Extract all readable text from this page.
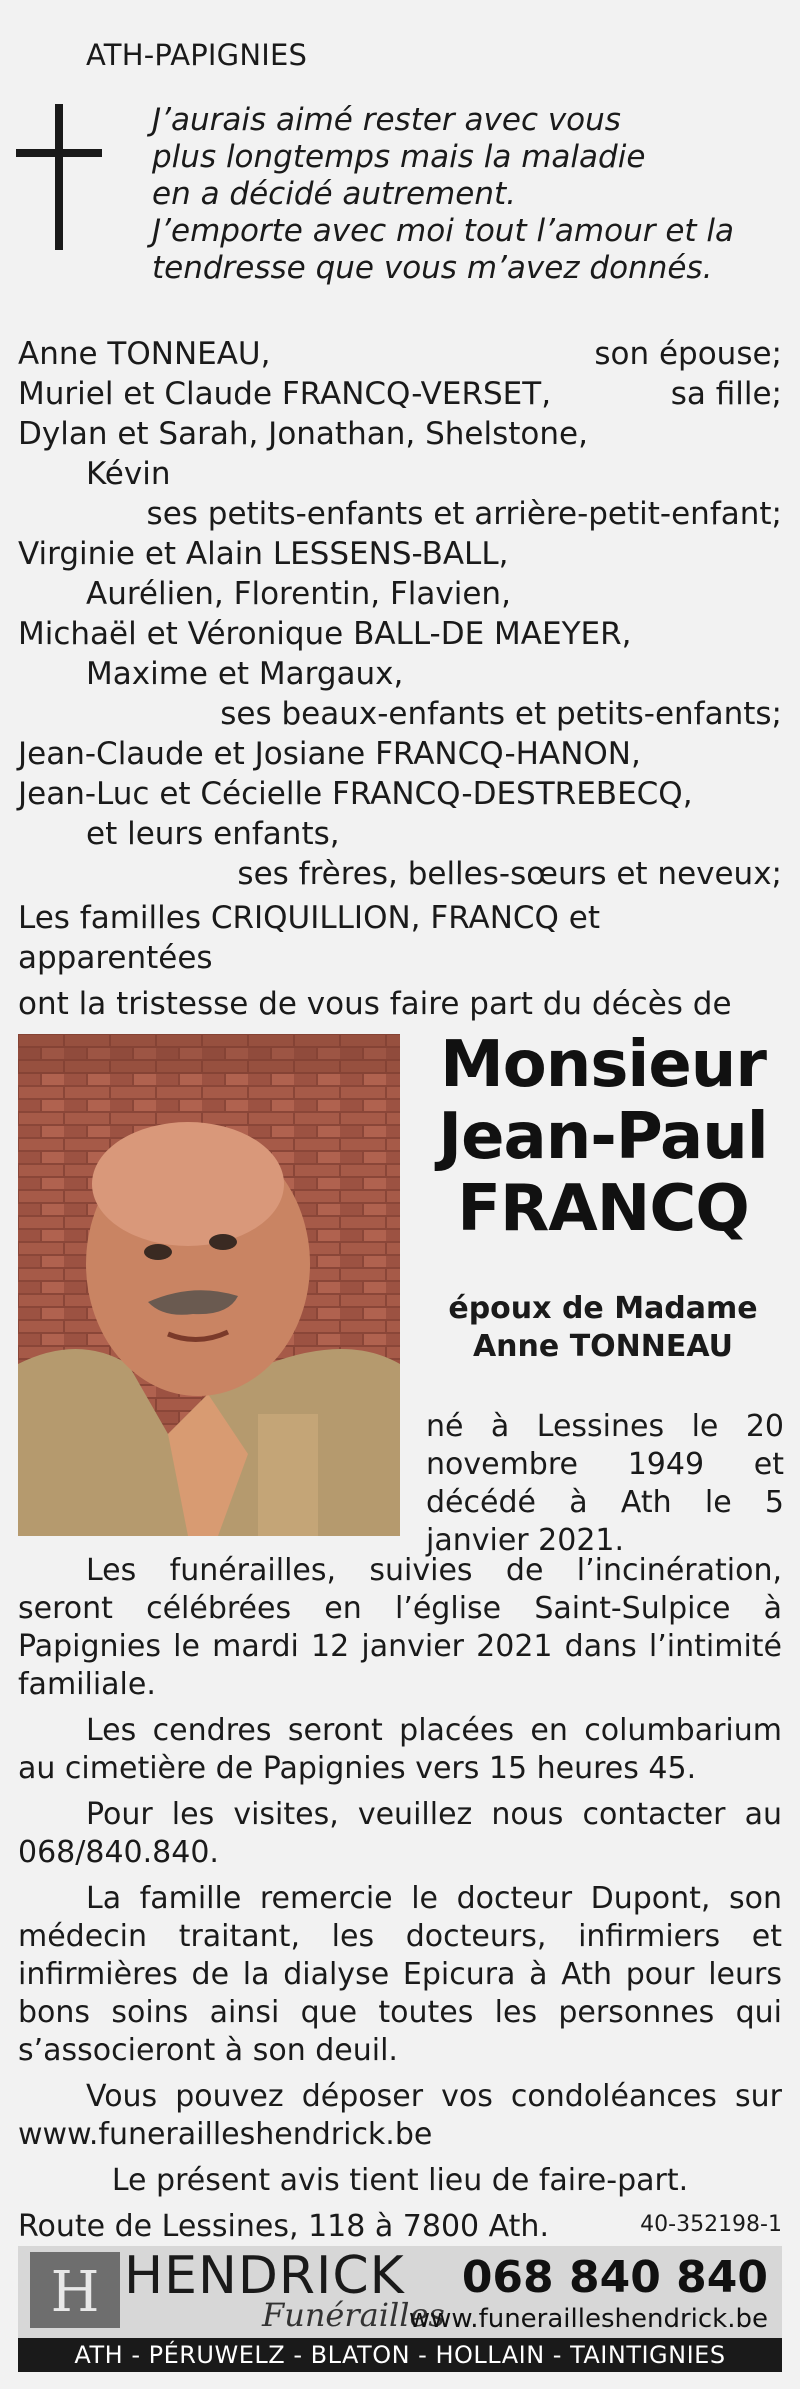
ATH-PAPIGNIES
J’aurais aimé rester avec vous
plus longtemps mais la maladie
en a décidé autrement.
J’emporte avec moi tout l’amour et la
tendresse que vous m’avez donnés.
Anne TONNEAU,	son épouse;
Muriel et Claude FRANCQ-VERSET,	sa fille;
Dylan et Sarah, Jonathan, Shelstone,
Kévin
ses petits-enfants et arrière-petit-enfant;
Virginie et Alain LESSENS-BALL,
Aurélien, Florentin, Flavien,
Michaël et Véronique BALL-DE MAEYER,
Maxime et Margaux,
ses beaux-enfants et petits-enfants;
Jean-Claude et Josiane FRANCQ-HANON,
Jean-Luc et Cécielle FRANCQ-DESTREBECQ,
et leurs enfants,
ses frères, belles-sœurs et neveux;
Les familles CRIQUILLION, FRANCQ et apparentées
ont la tristesse de vous faire part du décès de
Monsieur
Jean-Paul
FRANCQ
époux de Madame
Anne TONNEAU
né à Lessines le 20 novembre 1949 et décédé à Ath le 5 janvier 2021.

Les funérailles, suivies de l’incinération, seront célébrées en l’église Saint-Sulpice à Papignies le mardi 12 janvier 2021 dans l’intimité familiale.

Les cendres seront placées en columbarium au cimetière de Papignies vers 15 heures 45.

Pour les visites, veuillez nous contacter au 068/840.840.

La famille remercie le docteur Dupont, son médecin traitant, les docteurs, infirmiers et infirmières de la dialyse Epicura à Ath pour leurs bons soins ainsi que toutes les personnes qui s’associeront à son deuil.

Vous pouvez déposer vos condoléances sur www.funerailleshendrick.be

Le présent avis tient lieu de faire-part.

Route de Lessines, 118 à 7800 Ath.	40-352198-1
H HENDRICK
Funérailles
068 840 840
www.funerailleshendrick.be
ATH - PÉRUWELZ - BLATON - HOLLAIN - TAINTIGNIES
